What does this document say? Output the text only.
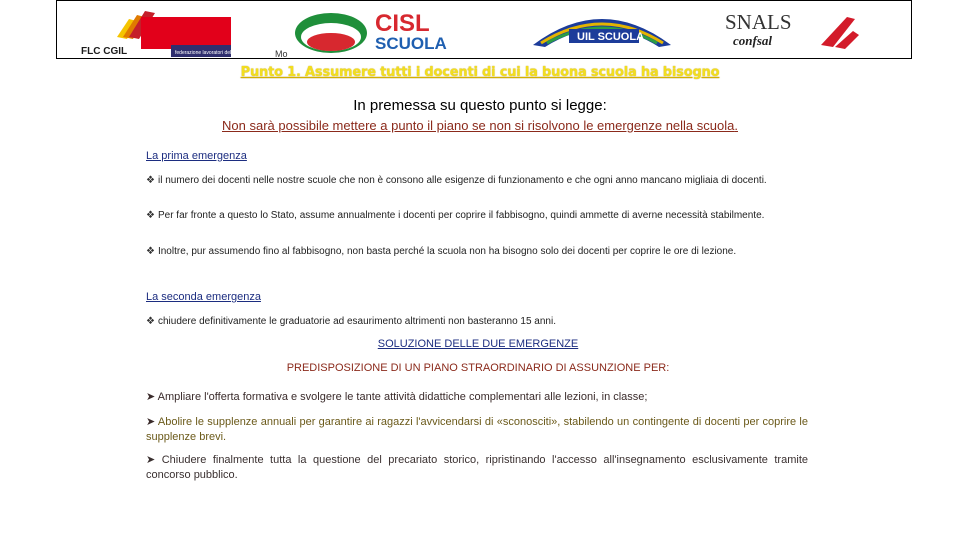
FLC CGIL	federazione lavoratori della conoscenza Mo
CISL
SCUOLA	UIL SCUOLA
SNALS
confsal
Punto 1. Assumere tutti i docenti di cui la buona scuola ha bisogno
In premessa su questo punto si legge:
Non sarà possibile mettere a punto il piano se non si risolvono le emergenze nella scuola.
La prima emergenza
❖ il numero dei docenti nelle nostre scuole che non è consono alle esigenze di funzionamento e che ogni anno mancano migliaia di docenti.
❖ Per far fronte a questo lo Stato, assume annualmente i docenti per coprire il fabbisogno, quindi ammette di averne necessità stabilmente.
❖ Inoltre, pur assumendo fino al fabbisogno, non basta perché la scuola non ha bisogno solo dei docenti per coprire le ore di lezione.
La seconda emergenza
❖ chiudere definitivamente le graduatorie ad esaurimento altrimenti non basteranno 15 anni.
SOLUZIONE DELLE DUE EMERGENZE
PREDISPOSIZIONE DI UN PIANO STRAORDINARIO DI ASSUNZIONE PER:
➤ Ampliare l'offerta formativa e svolgere le tante attività didattiche complementari alle lezioni, in classe;
➤ Abolire le supplenze annuali per garantire ai ragazzi l'avvicendarsi di «sconosciti», stabilendo un contingente di docenti per coprire le supplenze brevi.
➤ Chiudere finalmente tutta la questione del precariato storico, ripristinando l'accesso all'insegnamento esclusivamente tramite concorso pubblico.
